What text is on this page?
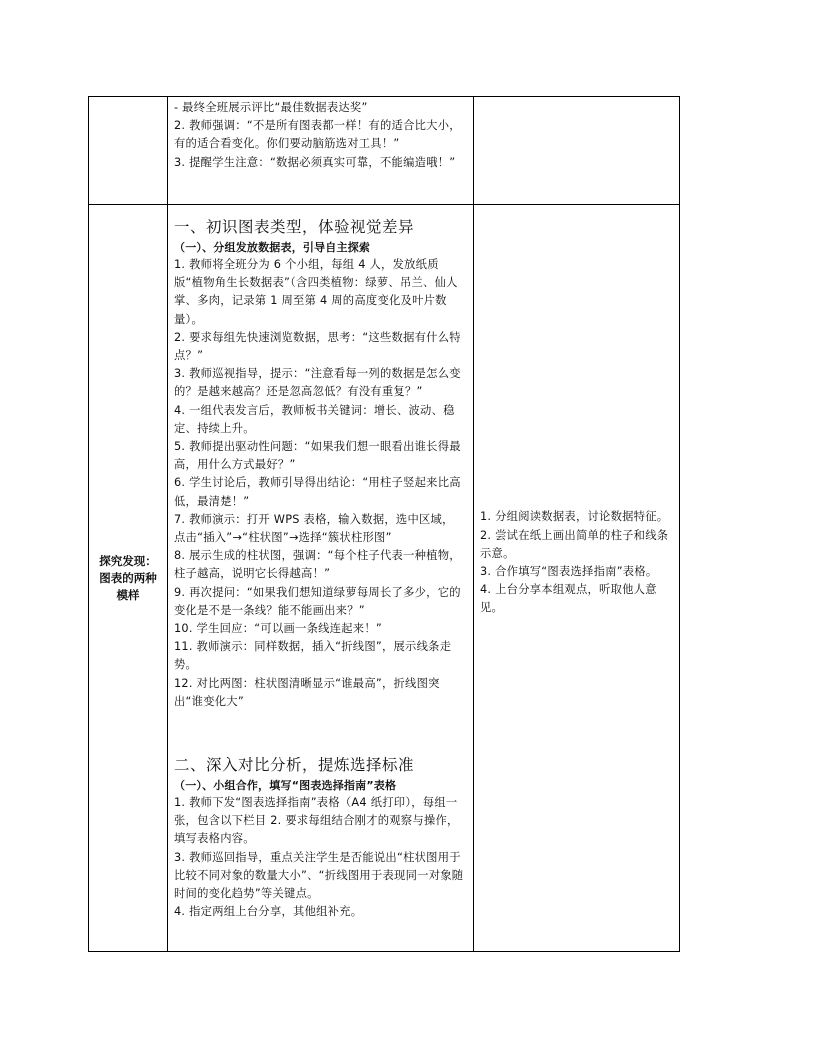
- 最终全班展示评比“最佳数据表达奖”

2. 教师强调：“不是所有图表都一样！有的适合比大小，有的适合看变化。你们要动脑筋选对工具！”

3. 提醒学生注意：“数据必须真实可靠，不能编造哦！”

探究发现：图表的两种模样

一、初识图表类型，体验视觉差异

（一）、分组发放数据表，引导自主探索

1. 教师将全班分为 6 个小组，每组 4 人，发放纸质版“植物角生长数据表”（含四类植物：绿萝、吊兰、仙人掌、多肉，记录第 1 周至第 4 周的高度变化及叶片数量）。

2. 要求每组先快速浏览数据，思考：“这些数据有什么特点？”

3. 教师巡视指导，提示：“注意看每一列的数据是怎么变的？是越来越高？还是忽高忽低？有没有重复？”

4. 一组代表发言后，教师板书关键词：增长、波动、稳定、持续上升。

5. 教师提出驱动性问题：“如果我们想一眼看出谁长得最高，用什么方式最好？”

6. 学生讨论后，教师引导得出结论：“用柱子竖起来比高低，最清楚！”

7. 教师演示：打开 WPS 表格，输入数据，选中区域，点击“插入”→“柱状图”→选择“簇状柱形图”

8. 展示生成的柱状图，强调：“每个柱子代表一种植物，柱子越高，说明它长得越高！”

9. 再次提问：“如果我们想知道绿萝每周长了多少，它的变化是不是一条线？能不能画出来？”

10. 学生回应：“可以画一条线连起来！”

11. 教师演示：同样数据，插入“折线图”，展示线条走势。

12. 对比两图：柱状图清晰显示“谁最高”，折线图突出“谁变化大”

二、深入对比分析，提炼选择标准

（一）、小组合作，填写“图表选择指南”表格

1. 教师下发“图表选择指南”表格（A4 纸打印），每组一张，包含以下栏目 2. 要求每组结合刚才的观察与操作，填写表格内容。

3. 教师巡回指导，重点关注学生是否能说出“柱状图用于比较不同对象的数量大小”、“折线图用于表现同一对象随时间的变化趋势”等关键点。

4. 指定两组上台分享，其他组补充。

1. 分组阅读数据表，讨论数据特征。

2. 尝试在纸上画出简单的柱子和线条示意。

3. 合作填写“图表选择指南”表格。

4. 上台分享本组观点，听取他人意见。
